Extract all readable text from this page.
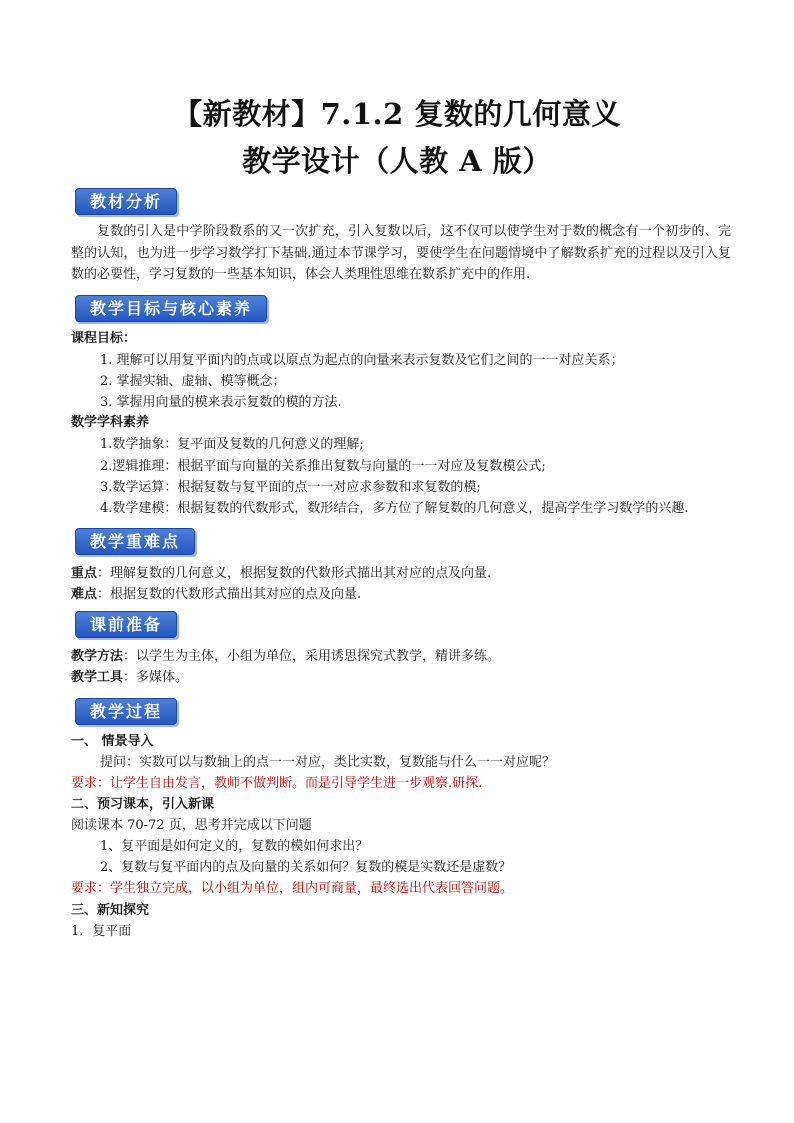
【新教材】7.1.2 复数的几何意义
教学设计（人教 A 版）
教材分析
复数的引入是中学阶段数系的又一次扩充，引入复数以后，这不仅可以使学生对于数的概念有一个初步的、完整的认知，也为进一步学习数学打下基础.通过本节课学习，要使学生在问题情境中了解数系扩充的过程以及引入复数的必要性，学习复数的一些基本知识，体会人类理性思维在数系扩充中的作用.
教学目标与核心素养
课程目标：
1. 理解可以用复平面内的点或以原点为起点的向量来表示复数及它们之间的一一对应关系；
2. 掌握实轴、虚轴、模等概念；
3. 掌握用向量的模来表示复数的模的方法.
数学学科素养
1.数学抽象：复平面及复数的几何意义的理解;
2.逻辑推理：根据平面与向量的关系推出复数与向量的一一对应及复数模公式;
3.数学运算：根据复数与复平面的点一一对应求参数和求复数的模;
4.数学建模：根据复数的代数形式，数形结合，多方位了解复数的几何意义，提高学生学习数学的兴趣.
教学重难点
重点：理解复数的几何意义，根据复数的代数形式描出其对应的点及向量.
难点：根据复数的代数形式描出其对应的点及向量.
课前准备
教学方法：以学生为主体，小组为单位，采用诱思探究式教学，精讲多练。
教学工具：多媒体。
教学过程
一、 情景导入
提问：实数可以与数轴上的点一一对应，类比实数，复数能与什么一一对应呢？
要求：让学生自由发言，教师不做判断。而是引导学生进一步观察.研探.
二、预习课本，引入新课
阅读课本 70-72 页，思考并完成以下问题
1、复平面是如何定义的，复数的模如何求出？
2、复数与复平面内的点及向量的关系如何？复数的模是实数还是虚数？
要求：学生独立完成，以小组为单位，组内可商量，最终选出代表回答问题。
三、新知探究
1．复平面
